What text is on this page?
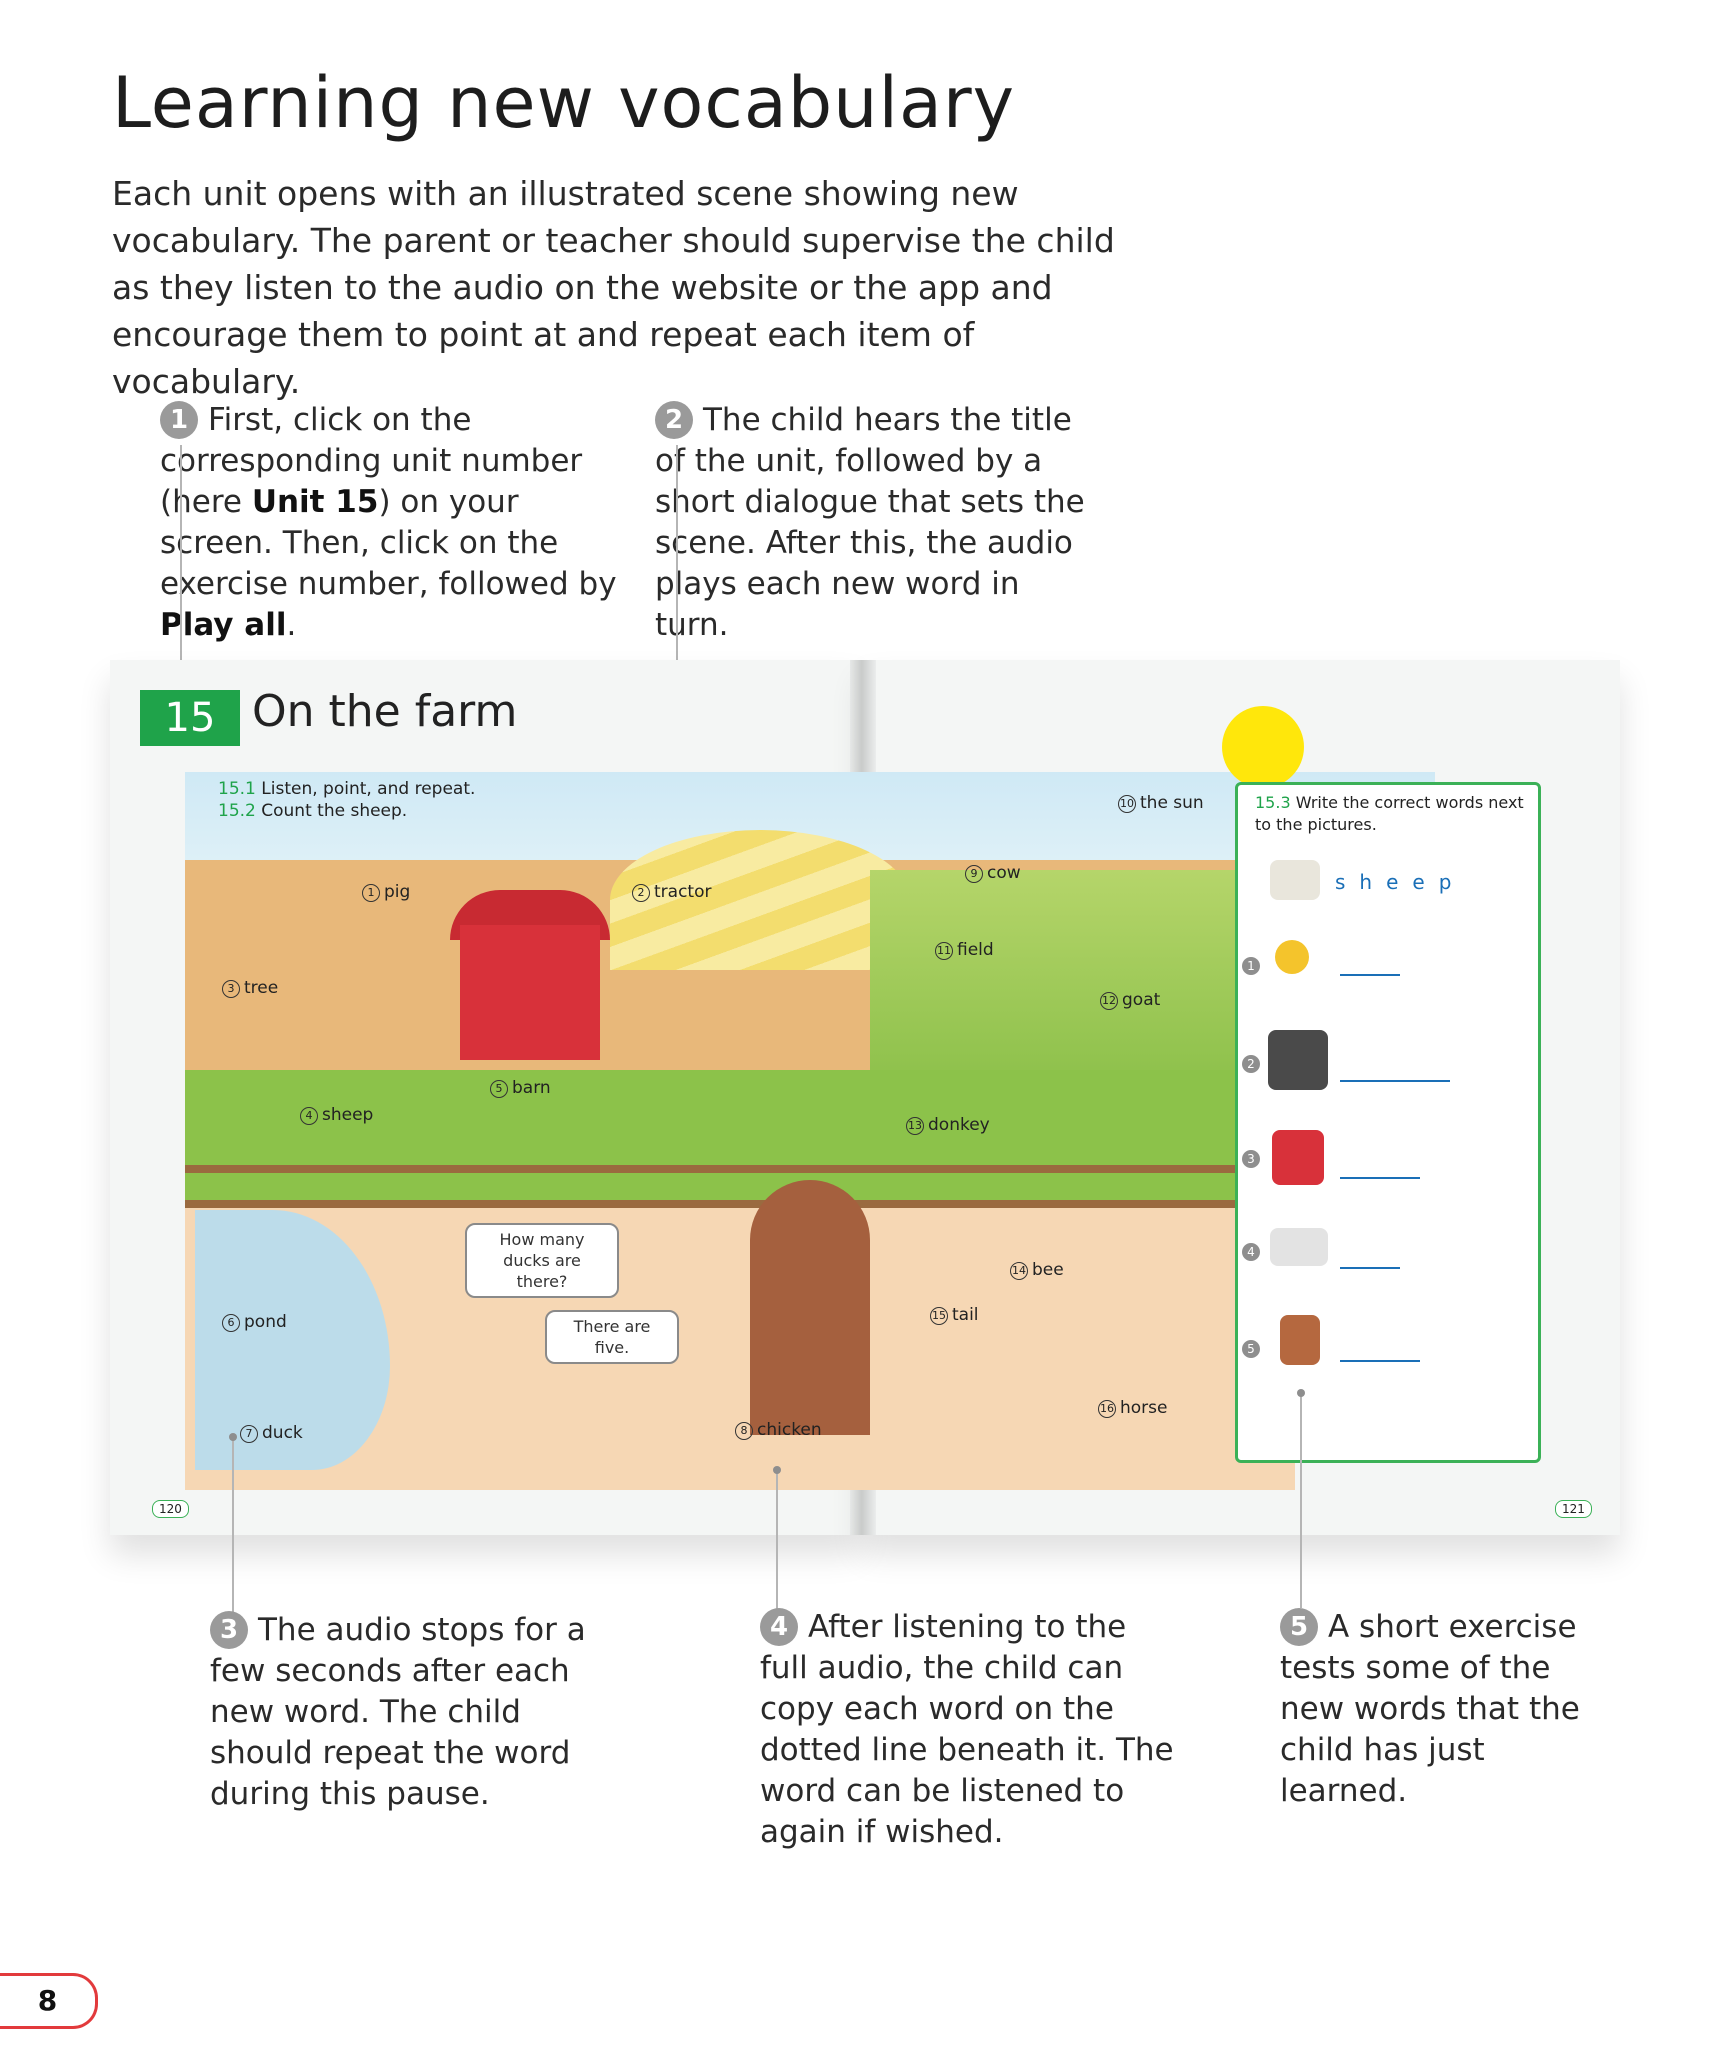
Learning new vocabulary
Each unit opens with an illustrated scene showing new vocabulary. The parent or teacher should supervise the child as they listen to the audio on the website or the app and encourage them to point at and repeat each item of vocabulary.
1 First, click on the corresponding unit number (here Unit 15) on your screen. Then, click on the exercise number, followed by Play all.
2 The child hears the title of the unit, followed by a short dialogue that sets the scene. After this, the audio plays each new word in turn.
15 On the farm
15.1 Listen, point, and repeat.
15.2 Count the sheep.
1 pig	2 tractor
3 tree
4 sheep
5 barn
6 pond
7 duck	8 chicken
9 cow
10 the sun
11 field
12 goat
13 donkey
14 bee
15 tail
16 horse
How many ducks are there?
There are five.
120	121
15.3 Write the correct words next to the pictures.
sheep
1
2
3
4
5
3 The audio stops for a few seconds after each new word. The child should repeat the word during this pause.
4 After listening to the full audio, the child can copy each word on the dotted line beneath it. The word can be listened to again if wished.
5 A short exercise tests some of the new words that the child has just learned.
8
